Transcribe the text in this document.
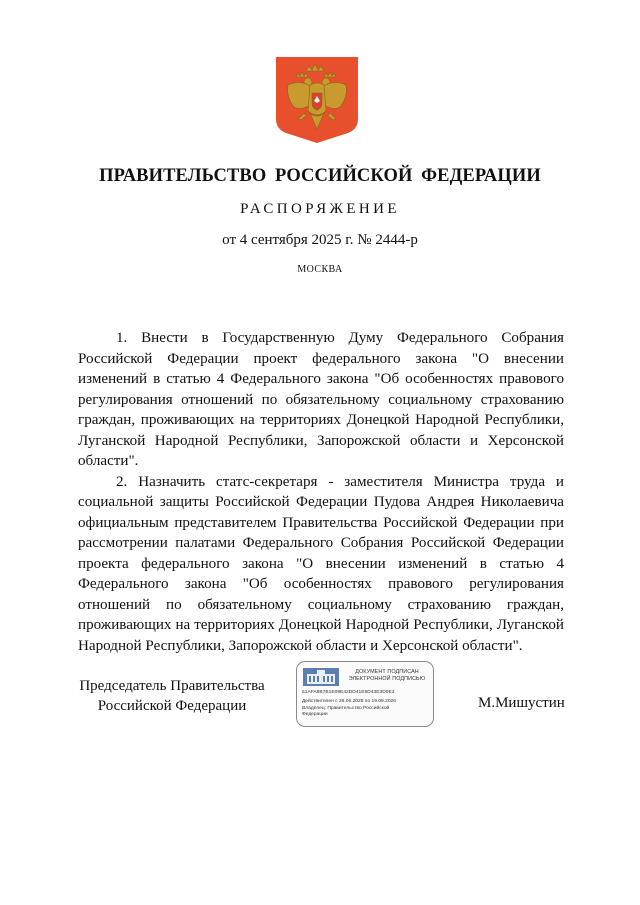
ПРАВИТЕЛЬСТВО РОССИЙСКОЙ ФЕДЕРАЦИИ
РАСПОРЯЖЕНИЕ
от 4 сентября 2025 г. № 2444-р
МОСКВА

1. Внести в Государственную Думу Федерального Собрания Российской Федерации проект федерального закона "О внесении изменений в статью 4 Федерального закона "Об особенностях правового регулирования отношений по обязательному социальному страхованию граждан, проживающих на территориях Донецкой Народной Республики, Луганской Народной Республики, Запорожской области и Херсонской области".

2. Назначить статс-секретаря - заместителя Министра труда и социальной защиты Российской Федерации Пудова Андрея Николаевича официальным представителем Правительства Российской Федерации при рассмотрении палатами Федерального Собрания Российской Федерации проекта федерального закона "О внесении изменений в статью 4 Федерального закона "Об особенностях правового регулирования отношений по обязательному социальному страхованию граждан, проживающих на территориях Донецкой Народной Республики, Луганской Народной Республики, Запорожской области и Херсонской области".

Председатель Правительства
Российской Федерации
ДОКУМЕНТ ПОДПИСАН
ЭЛЕКТРОННОЙ ПОДПИСЬЮ
51AFA8B7B1E08E42DD41E5D43E3D0E3
Действителен с 26.06.2025 по 19.09.2026
Владелец: Правительство Российской
Федерации
М.Мишустин
